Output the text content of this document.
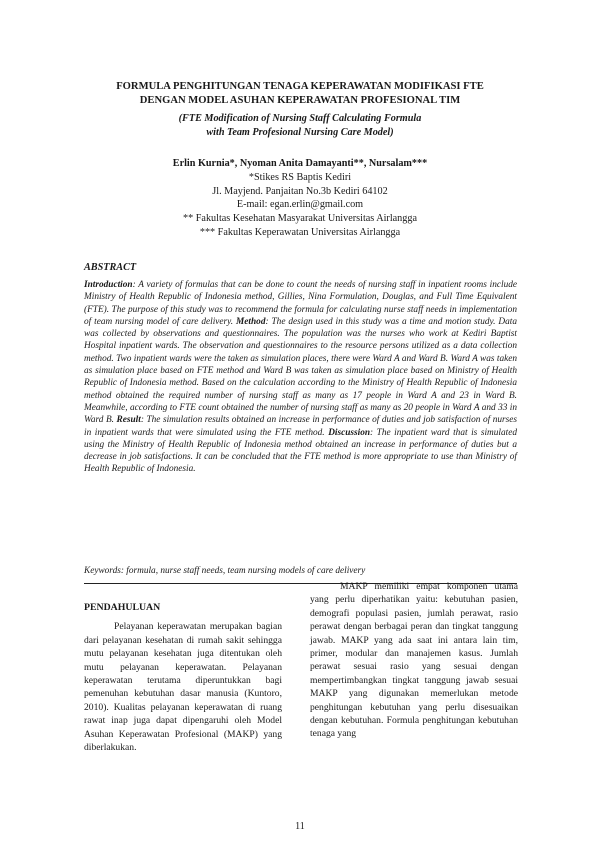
FORMULA PENGHITUNGAN TENAGA KEPERAWATAN MODIFIKASI FTE
DENGAN MODEL ASUHAN KEPERAWATAN PROFESIONAL TIM
(FTE Modification of Nursing Staff Calculating Formula
with Team Profesional Nursing Care Model)
Erlin Kurnia*, Nyoman Anita Damayanti**, Nursalam***
*Stikes RS Baptis Kediri
Jl. Mayjend. Panjaitan No.3b Kediri 64102
E-mail: egan.erlin@gmail.com
** Fakultas Kesehatan Masyarakat Universitas Airlangga
*** Fakultas Keperawatan Universitas Airlangga
ABSTRACT
Introduction: A variety of formulas that can be done to count the needs of nursing staff in inpatient rooms include Ministry of Health Republic of Indonesia method, Gillies, Nina Formulation, Douglas, and Full Time Equivalent (FTE). The purpose of this study was to recommend the formula for calculating nurse staff needs in implementation of team nursing model of care delivery. Method: The design used in this study was a time and motion study. Data was collected by observations and questionnaires. The population was the nurses who work at Kediri Baptist Hospital inpatient wards. The observation and questionnaires to the resource persons utilized as a data collection method. Two inpatient wards were the taken as simulation places, there were Ward A and Ward B. Ward A was taken as simulation place based on FTE method and Ward B was taken as simulation place based on Ministry of Health Republic of Indonesia method. Based on the calculation according to the Ministry of Health Republic of Indonesia method obtained the required number of nursing staff as many as 17 people in Ward A and 23 in Ward B. Meanwhile, according to FTE count obtained the number of nursing staff as many as 20 people in Ward A and 33 in Ward B. Result: The simulation results obtained an increase in performance of duties and job satisfaction of nurses in inpatient wards that were simulated using the FTE method. Discussion: The inpatient ward that is simulated using the Ministry of Health Republic of Indonesia method obtained an increase in performance of duties but a decrease in job satisfactions. It can be concluded that the FTE method is more appropriate to use than Ministry of Health Republic of Indonesia.
Keywords: formula, nurse staff needs, team nursing models of care delivery
PENDAHULUAN

Pelayanan keperawatan merupakan bagian dari pelayanan kesehatan di rumah sakit sehingga mutu pelayanan kesehatan juga ditentukan oleh mutu pelayanan keperawatan. Pelayanan keperawatan terutama diperuntukkan bagi pemenuhan kebutuhan dasar manusia (Kuntoro, 2010). Kualitas pelayanan keperawatan di ruang rawat inap juga dapat dipengaruhi oleh Model Asuhan Keperawatan Profesional (MAKP) yang diberlakukan.

MAKP memiliki empat komponen utama yang perlu diperhatikan yaitu: kebutuhan pasien, demografi populasi pasien, jumlah perawat, rasio perawat dengan berbagai peran dan tingkat tanggung jawab. MAKP yang ada saat ini antara lain tim, primer, modular dan manajemen kasus. Jumlah perawat sesuai rasio yang sesuai dengan mempertimbangkan tingkat tanggung jawab sesuai MAKP yang digunakan memerlukan metode penghitungan kebutuhan yang perlu disesuaikan dengan kebutuhan. Formula penghitungan kebutuhan tenaga yang

11
